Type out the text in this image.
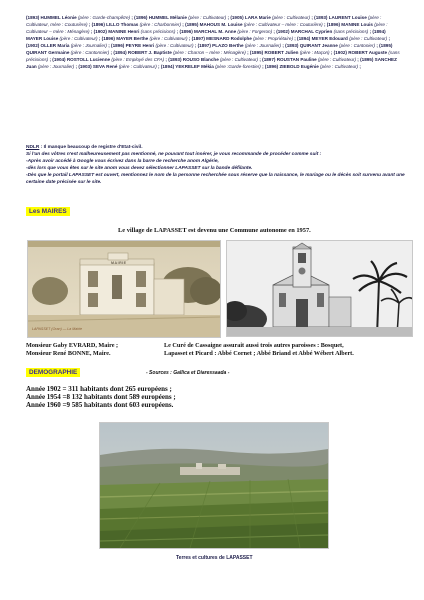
(1893) HUMMEL Léonie (père : Garde-champêtre) ; (1896) HUMMEL Mélanie (père : Cultivateur) ; (1905) LARA Marie (père : Cultivateur) ; (1893) LAURENT Louise (père : Cultivateur, mère : Couturière) ; (1896) LILLO Thomas (père : Charbonnier) ; (1895) MAHOUS M. Louise (père : Cultivateur – mère : Couturière) ; (1896) MANINE Louis (père : Cultivateur – mère : Ménagère) ; (1902) MANINE Henri (sans précisions) ; (1896) MARCHAL M. Anne (père : Forgeron) ; (1902) MARCHAL Cyprien (sans précisions) ; (1894) MAYER Louise (père : Cultivateur) ; (1896) MAYER Berthe (père : Cultivateur) ; (1897) MESNARD Rodolphe (père : Propriétaire) ; (1894) MEYER Edouard (père : Cultivateur) ; (1902) OLLER Maria (père : Journalier) ; (1896) PEYRE Henri (père : Cultivateur) ; (1897) PLAZO Berthe (père : Journalier) ; (1893) QUIRANT Jeanne (père : Cantonier) ; (1895) QUIRANT Germaine (père : Cantonnier) ; (1894) ROBERT J. Baptiste (père : Charron – mère : Ménagère) ; (1895) ROBERT Julien (père : Maçon) ; (1902) ROBERT Auguste (sans précisions) ; (1904) ROSTOLL Lucienne (père : Employé des CFA) ; (1893) ROUSO Blanche (père : Cultivateur) ; (1897) ROUSTAN Pauline (père : Cultivateur) ; (1895) SANCHEZ Juan (père : Journalier) ; (1903) SEVA René (père : Cultivateur) ; (1894) YEKRELEF Mékia (père :Garde-forestier) ; (1896) ZIEBOLD Eugénie (père : Cultivateur) ;
NDLR : Il manque beaucoup de registre d'Etat-civil.
Si l'un des vôtres n'est malheureusement pas mentionné, ne pouvant tout insérer, je vous recommande de procéder comme suit :
-Après avoir accédé à Google vous écrivez dans la barre de recherche anom Algérie,
-dès lors que vous êtes sur le site anom vous devez sélectionner LAPASSET sur la bande défilante.
-Dès que le portail LAPASSET est ouvert, mentionnez le nom de la personne recherchée sous réserve que la naissance, le mariage ou le décès soit survenu avant une certaine date précisée sur le site.
Les MAIRES
Le village de LAPASSET est devenu une Commune autonome en 1957.
MAIRIE
LAPASSET (Oran) — La Mairie
Monsieur Gaby EVRARD, Maire ;
Monsieur René BONNE, Maire.
Le Curé de Cassaigne assurait aussi trois autres paroisses : Bosquet,
Lapasset et Picard : Abbé Cornet ; Abbé Briand et Abbé Wébert Albert.
DEMOGRAPHIE	- Sources : Gallica et Diaressaada -
Année 1902 = 311 habitants dont 265 européens ;
Année 1954 =8 132 habitants dont 589 européens ;
Année 1960 =9 585 habitants dont 603 européens.
Terres et cultures de LAPASSET
